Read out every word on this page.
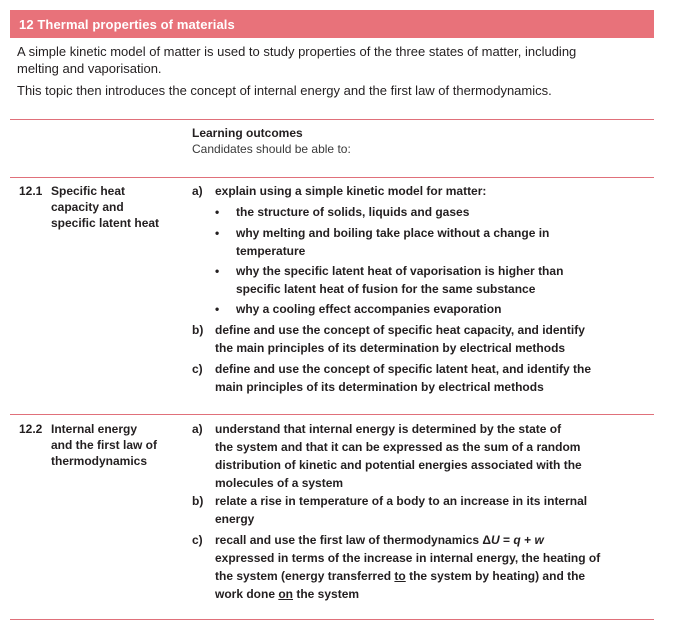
12 Thermal properties of materials
A simple kinetic model of matter is used to study properties of the three states of matter, including
melting and vaporisation.
This topic then introduces the concept of internal energy and the first law of thermodynamics.
Learning outcomes
Candidates should be able to:
12.1 Specific heat
capacity and
specific latent heat
a) explain using a simple kinetic model for matter:
• the structure of solids, liquids and gases
• why melting and boiling take place without a change in
temperature
• why the specific latent heat of vaporisation is higher than
specific latent heat of fusion for the same substance
• why a cooling effect accompanies evaporation
b) define and use the concept of specific heat capacity, and identify
the main principles of its determination by electrical methods
c) define and use the concept of specific latent heat, and identify the
main principles of its determination by electrical methods
12.2 Internal energy
and the first law of
thermodynamics
a) understand that internal energy is determined by the state of
the system and that it can be expressed as the sum of a random
distribution of kinetic and potential energies associated with the
molecules of a system
b) relate a rise in temperature of a body to an increase in its internal
energy
c) recall and use the first law of thermodynamics ΔU = q + w
expressed in terms of the increase in internal energy, the heating of
the system (energy transferred to the system by heating) and the
work done on the system
